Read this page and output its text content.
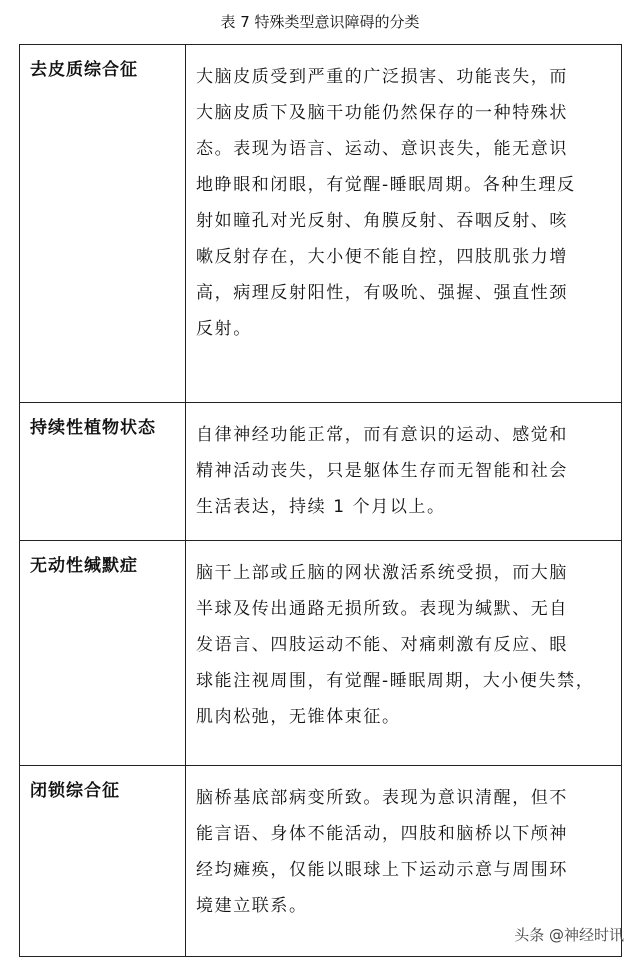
表 7 特殊类型意识障碍的分类
去皮质综合征	大脑皮质受到严重的广泛损害、功能丧失，而
大脑皮质下及脑干功能仍然保存的一种特殊状
态。表现为语言、运动、意识丧失，能无意识
地睁眼和闭眼，有觉醒-睡眠周期。各种生理反
射如瞳孔对光反射、角膜反射、吞咽反射、咳
嗽反射存在，大小便不能自控，四肢肌张力增
高，病理反射阳性，有吸吮、强握、强直性颈
反射。
持续性植物状态	自律神经功能正常，而有意识的运动、感觉和
精神活动丧失，只是躯体生存而无智能和社会
生活表达，持续 1 个月以上。
无动性缄默症	脑干上部或丘脑的网状激活系统受损，而大脑
半球及传出通路无损所致。表现为缄默、无自
发语言、四肢运动不能、对痛刺激有反应、眼
球能注视周围，有觉醒-睡眠周期，大小便失禁，
肌肉松弛，无锥体束征。
闭锁综合征	脑桥基底部病变所致。表现为意识清醒，但不
能言语、身体不能活动，四肢和脑桥以下颅神
经均瘫痪，仅能以眼球上下运动示意与周围环
境建立联系。
头条 @神经时讯
